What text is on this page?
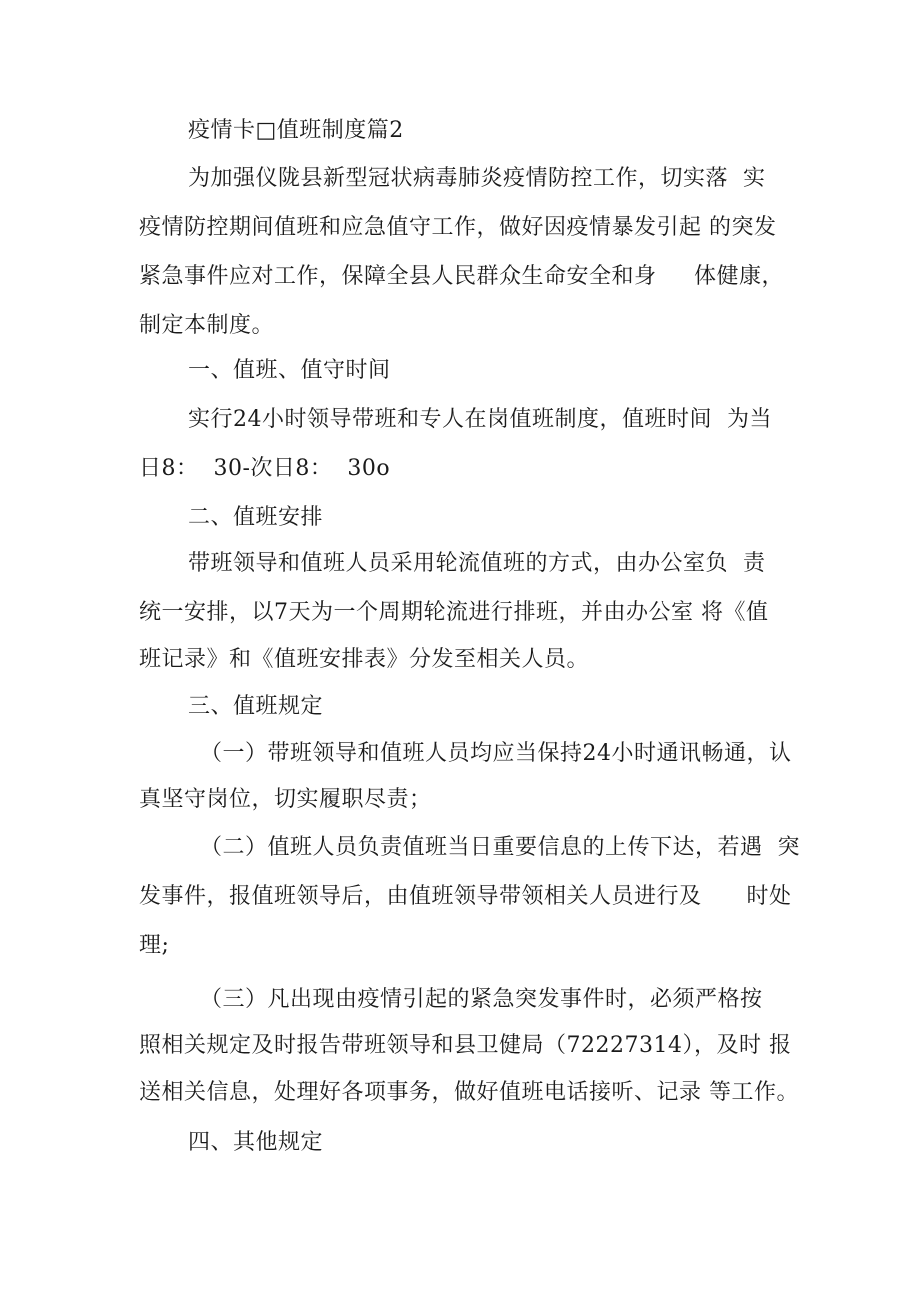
疫情卡□值班制度篇2
为加强仪陇县新型冠状病毒肺炎疫情防控工作，切实落  实
疫情防控期间值班和应急值守工作，做好因疫情暴发引起 的突发
紧急事件应对工作，保障全县人民群众生命安全和身     体健康，
制定本制度。
一、值班、值守时间
实行24小时领导带班和专人在岗值班制度，值班时间  为当
日8：  30-次日8：  30o
二、值班安排
带班领导和值班人员采用轮流值班的方式，由办公室负  责
统一安排，以7天为一个周期轮流进行排班，并由办公室 将《值
班记录》和《值班安排表》分发至相关人员。
三、值班规定
（一）带班领导和值班人员均应当保持24小时通讯畅通，认
真坚守岗位，切实履职尽责；
（二）值班人员负责值班当日重要信息的上传下达，若遇  突
发事件，报值班领导后，由值班领导带领相关人员进行及      时处
理;
（三）凡出现由疫情引起的紧急突发事件时，必须严格按
照相关规定及时报告带班领导和县卫健局（72227314），及时 报
送相关信息，处理好各项事务，做好值班电话接听、记录 等工作。
四、其他规定
